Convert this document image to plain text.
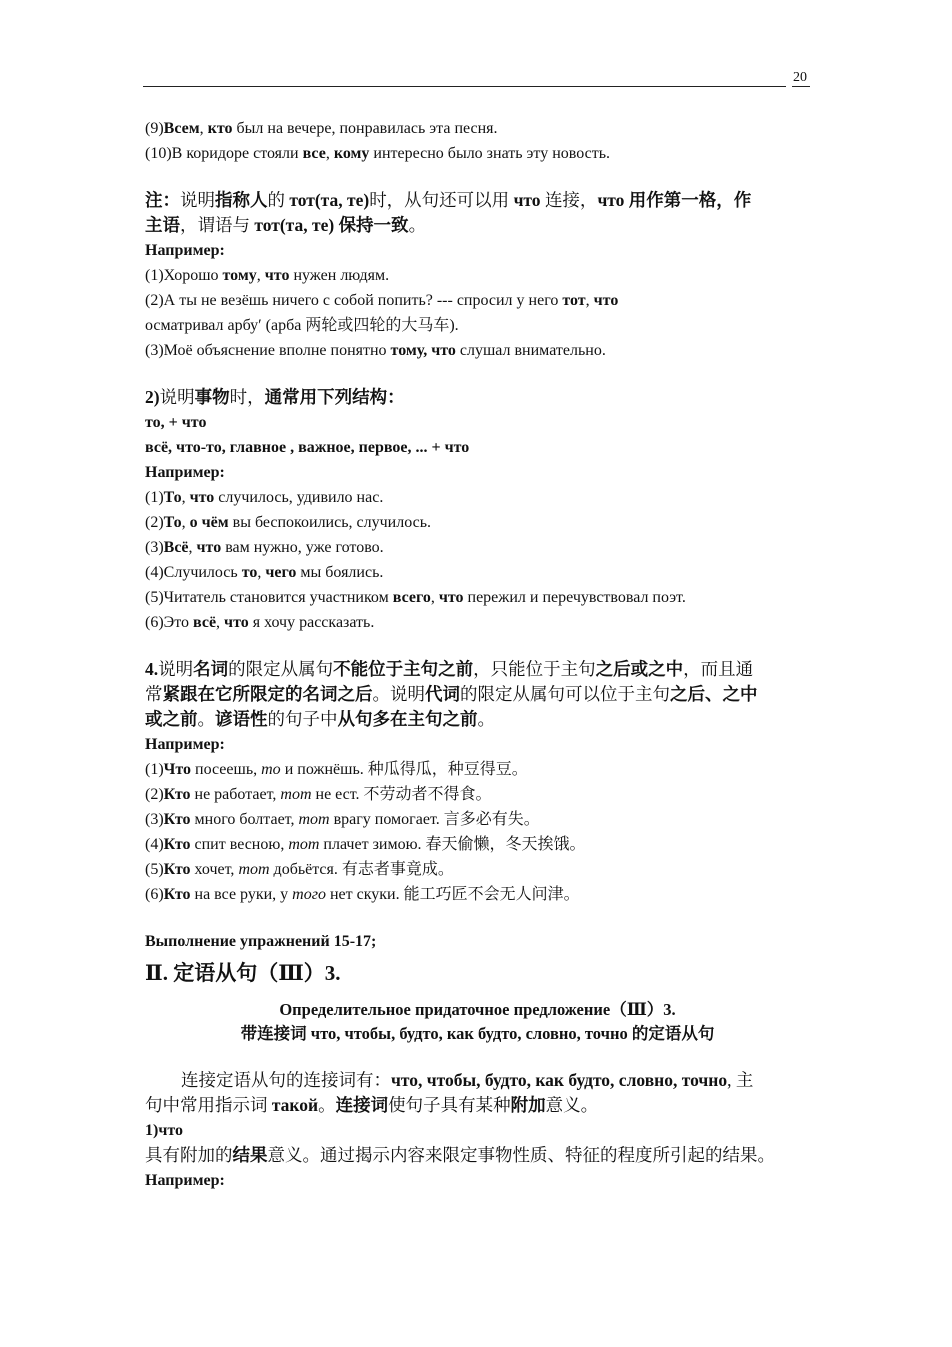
20
(9)Всем, кто был на вечере, понравилась эта песня.
(10)В коридоре стояли все, кому интересно было знать эту новость.
注：说明指称人的 тот(та, те)时，从句还可以用 что 连接，что 用作第一格，作
主语，谓语与 тот(та, те) 保持一致。
Например:
(1)Хорошо тому, что нужен людям.
(2)А ты не везёшь ничего с собой попить? --- спросил у него тот, что
осматривал арбу′ (арба 两轮或四轮的大马车).
(3)Моё объяснение вполне понятно тому, что слушал внимательно.
2)说明事物时，通常用下列结构：
то, + что
всё, что-то, главное , важное, первое, ... + что
Например:
(1)То, что случилось, удивило нас.
(2)То, о чём вы беспокоились, случилось.
(3)Всё, что вам нужно, уже готово.
(4)Случилось то, чего мы боялись.
(5)Читатель становится участником всего, что пережил и перечувствовал поэт.
(6)Это всё, что я хочу рассказать.
4.说明名词的限定从属句不能位于主句之前，只能位于主句之后或之中，而且通
常紧跟在它所限定的名词之后。说明代词的限定从属句可以位于主句之后、之中
或之前。谚语性的句子中从句多在主句之前。
Например:
(1)Что посеешь, то и пожнёшь. 种瓜得瓜，种豆得豆。
(2)Кто не работает, тот не ест. 不劳动者不得食。
(3)Кто много болтает, тот врагу помогает. 言多必有失。
(4)Кто спит весною, тот плачет зимою. 春天偷懒，冬天挨饿。
(5)Кто хочет, тот добьётся. 有志者事竟成。
(6)Кто на все руки, у того нет скуки. 能工巧匠不会无人问津。
Выполнение упражнений 15-17;
Ⅱ. 定语从句（Ⅲ）3.
Определительное придаточное предложение（Ⅲ）3.
带连接词 что, чтобы, будто, как будто, словно, точно 的定语从句
连接定语从句的连接词有：что, чтобы, будто, как будто, словно, точно, 主
句中常用指示词 такой。连接词使句子具有某种附加意义。
1)что
具有附加的结果意义。通过揭示内容来限定事物性质、特征的程度所引起的结果。
Например:
